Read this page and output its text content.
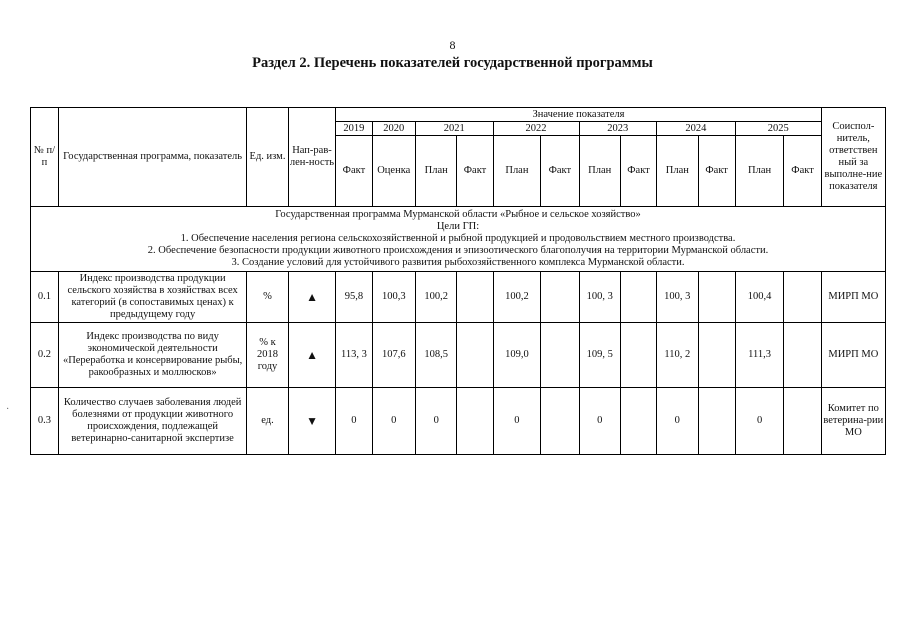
8
Раздел 2. Перечень показателей государственной программы
·
№ п/п	Государственная программа, показатель	Ед. изм.	Нап-рав-лен-ность	Значение показателя												Соиспол-нитель, ответствен ный за выполне-ние показателя
				2019	2020	2021		2022		2023		2024		2025		
				Факт	Оценка	План	Факт	План	Факт	План	Факт	План	Факт	План	Факт	

Государственная программа Мурманской области «Рыбное и сельское хозяйство»
Цели ГП:
1. Обеспечение населения региона сельскохозяйственной и рыбной продукцией и продовольствием местного производства.
2. Обеспечение безопасности продукции животного происхождения и эпизоотического благополучия на территории Мурманской области.
3. Создание условий для устойчивого развития рыбохозяйственного комплекса Мурманской области.																

0.1	Индекс производства продукции сельского хозяйства в хозяйствах всех категорий (в сопоставимых ценах) к предыдущему году	%	▲	95,8	100,3	100,2		100,2		100, 3		100, 3		100,4		МИРП МО
0.2	Индекс производства по виду экономической деятельности «Переработка и консервирование рыбы, ракообразных и моллюсков»	% к 2018 году	▲	113, 3	107,6	108,5		109,0		109, 5		110, 2		111,3		МИРП МО
0.3	Количество случаев заболевания людей болезнями от продукции животного происхождения, подлежащей ветеринарно-санитарной экспертизе	ед.	▼	0	0	0		0		0		0		0		Комитет по ветерина-рии МО
